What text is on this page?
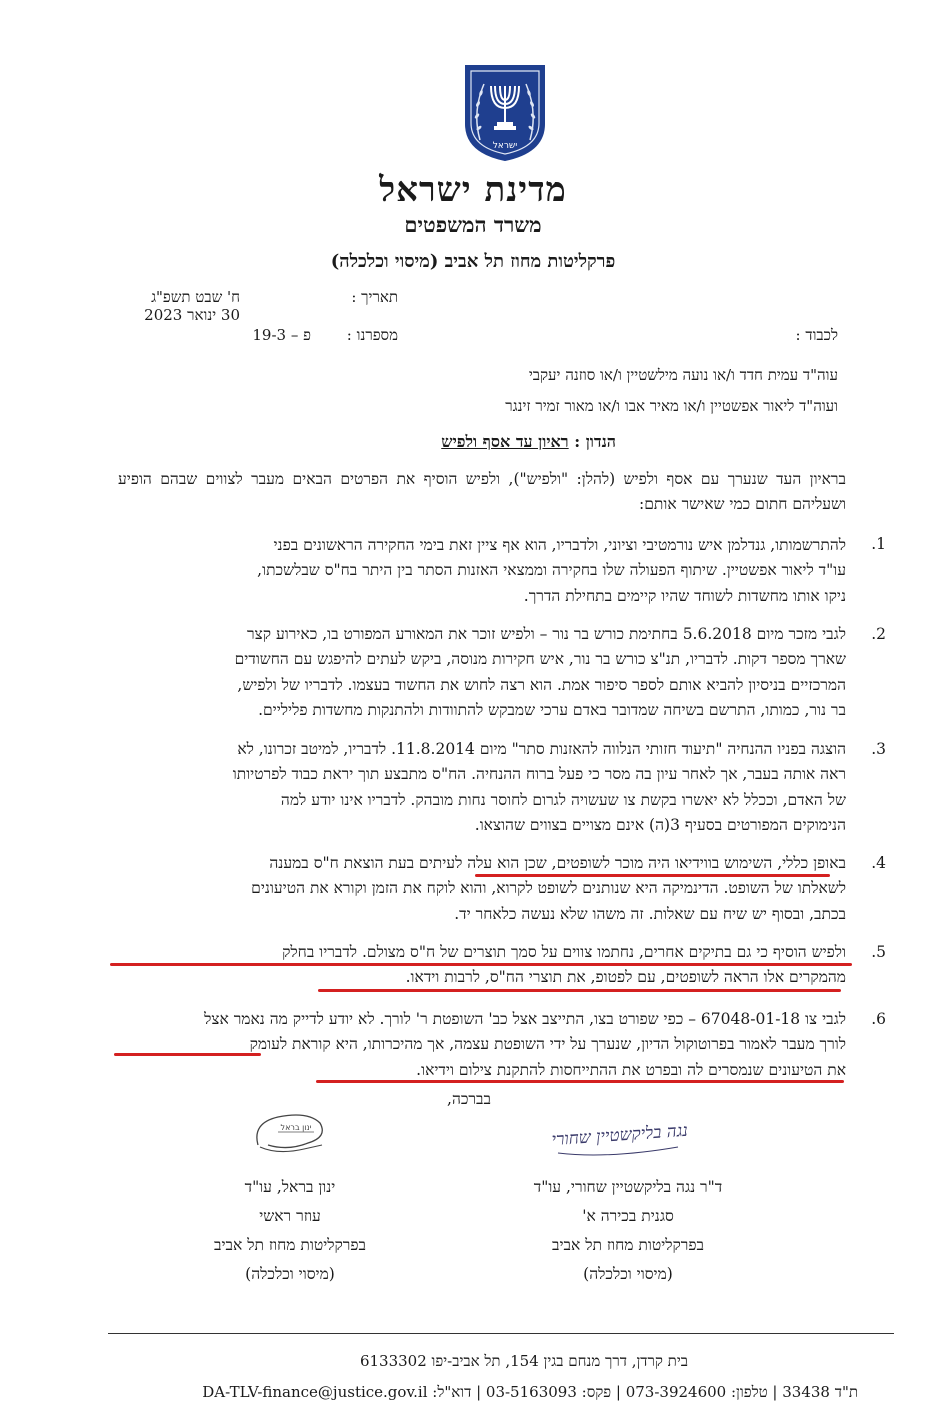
ישראל
מדינת ישראל
משרד המשפטים
פרקליטות מחוז תל אביב (מיסוי וכלכלה)
תאריך :
ח' שבט תשפ"ג
30 ינואר 2023
מספרנו :
פ – 19-3	לכבוד :
עוה"ד עמית חדד ו/או נועה מילשטיין ו/או סוזנה יעקבי
ועוה"ד ליאור אפשטיין ו/או מאיר אבו ו/או מאור זמיר זינגר
הנדון : ראיון עד אסף ולפיש
בראיון העד שנערך עם אסף ולפיש (להלן: "ולפיש"), ולפיש הוסיף את הפרטים הבאים מעבר לצווים שבהם הופיע ושעליהם חתום כמי שאישר אותם:
.1
להתרשמותו, גנדלמן איש נורמטיבי וציוני, ולדבריו, הוא אף ציין זאת בימי החקירה הראשונים בפני
עו"ד ליאור אפשטיין. שיתוף הפעולה שלו בחקירה וממצאי האזנות הסתר בין היתר בח"ס שבלשכתו,
ניקו אותו מחשדות לשוחד שהיו קיימים בתחילת הדרך.
.2
לגבי מזכר מיום 5.6.2018 בחתימת כורש בר נור – ולפיש זוכר את המאורע המפורט בו, כאירוע קצר
שארך מספר דקות. לדבריו, תנ"צ כורש בר נור, איש חקירות מנוסה, ביקש לעתים להיפגש עם החשודים
המרכזיים בניסיון להביא אותם לספר סיפור אמת. הוא רצה לחוש את החשוד בעצמו. לדבריו של ולפיש,
בר נור, כמותו, התרשם בשיחה שמדובר באדם ערכי שמבקש להתוודות ולהתנקות מחשדות פליליים.
.3
הוצגה בפניו ההנחיה "תיעוד חזותי הנלווה להאזנות סתר" מיום 11.8.2014. לדבריו, למיטב זכרונו, לא
ראה אותה בעבר, אך לאחר עיון בה מסר כי פעל ברוח ההנחיה. הח"ס מתבצע תוך יראת כבוד לפרטיותו
של האדם, וככלל לא יאשרו בקשת צו שעשויה לגרום לחוסר נחות מובהק. לדבריו אינו יודע למה
הנימוקים המפורטים בסעיף 3(ה) אינם מצויים בצווים שהוצאו.
.4
באופן כללי, השימוש בווידיאו היה מוכר לשופטים, שכן הוא עלה לעיתים בעת הוצאת ח"ס במענה
לשאלתו של השופט. הדינמיקה היא שנותנים לשופט לקרוא, והוא לוקח את הזמן וקורא את הטיעונים
בכתב, ובסוף יש שיח עם שאלות. זה משהו שלא נעשה כלאחר יד.
.5
ולפיש הוסיף כי גם בתיקים אחרים, נחתמו צווים על סמך תוצרים של ח"ס מצולם. לדבריו בחלק
מהמקרים אלו הראה לשופטים, עם לפטופ, את תוצרי הח"ס, לרבות וידאו.
.6
לגבי צו 67048-01-18 – כפי שפורט בצו, התייצב אצל כב' השופטת ר' לורך. לא יודע לדייק מה נאמר אצל
לורך מעבר לאמור בפרוטוקול הדיון, שנערך על ידי השופטת עצמה, אך מהיכרותו, היא קוראת לעומק
את הטיעונים שנמסרים לה ובפרט את ההתייחסות להתקנת צילום וידיאו.
בברכה,
ינון בראל	נגה בליקשטיין שחורי
ינון בראל, עו"ד
עוזר ראשי
בפרקליטות מחוז תל אביב
(מיסוי וכלכלה)
ד"ר נגה בליקשטיין שחורי, עו"ד
סגנית בכירה א'
בפרקליטות מחוז תל אביב
(מיסוי וכלכלה)
בית קרדן, דרך מנחם בגין 154, תל אביב-יפו 6133302
ת"ד 33438 | טלפון: 073-3924600 | פקס: 03-5163093 | דוא"ל: DA-TLV-finance@justice.gov.il
